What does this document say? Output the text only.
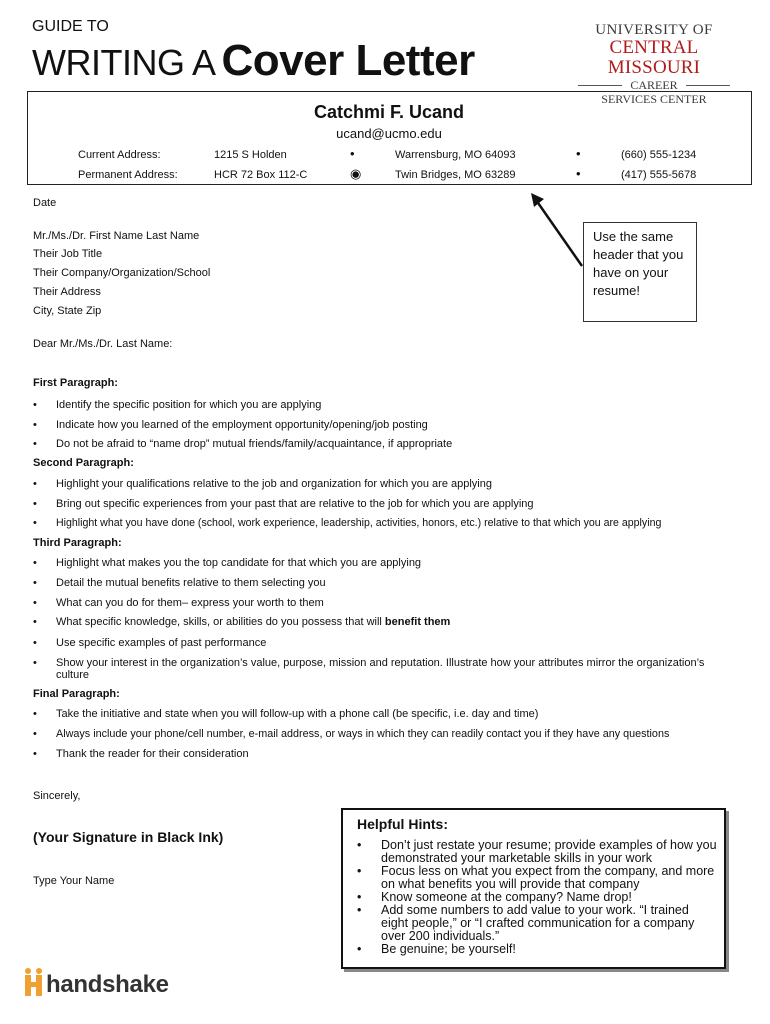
GUIDE TO
WRITING A Cover Letter
UNIVERSITY OF
CENTRAL MISSOURI
CAREER
SERVICES CENTER
Catchmi F. Ucand
ucand@ucmo.edu
Current Address:	1215 S Holden	•	Warrensburg, MO 64093	•	(660) 555-1234
Permanent Address:	HCR 72 Box 112-C	◉	Twin Bridges, MO 63289	•	(417) 555-5678
Date
Mr./Ms./Dr. First Name Last Name
Their Job Title
Their Company/Organization/School
Their Address
City, State Zip
Use the same header that you have on your resume!
Dear Mr./Ms./Dr. Last Name:
First Paragraph:
• Identify the specific position for which you are applying
• Indicate how you learned of the employment opportunity/opening/job posting
• Do not be afraid to “name drop” mutual friends/family/acquaintance, if appropriate
Second Paragraph:
• Highlight your qualifications relative to the job and organization for which you are applying
• Bring out specific experiences from your past that are relative to the job for which you are applying
• Highlight what you have done (school, work experience, leadership, activities, honors, etc.) relative to that which you are applying
Third Paragraph:
• Highlight what makes you the top candidate for that which you are applying
• Detail the mutual benefits relative to them selecting you
• What can you do for them– express your worth to them
• What specific knowledge, skills, or abilities do you possess that will benefit them
• Use specific examples of past performance
• Show your interest in the organization’s value, purpose, mission and reputation. Illustrate how your attributes mirror the organization’s culture
Final Paragraph:
• Take the initiative and state when you will follow-up with a phone call (be specific, i.e. day and time)
• Always include your phone/cell number, e-mail address, or ways in which they can readily contact you if they have any questions
• Thank the reader for their consideration
Sincerely,
(Your Signature in Black Ink)
Type Your Name
Helpful Hints:
• Don’t just restate your resume; provide examples of how you demonstrated your marketable skills in your work
• Focus less on what you expect from the company, and more on what benefits you will provide that company
• Know someone at the company? Name drop!
• Add some numbers to add value to your work. “I trained eight people,” or “I crafted communication for a company over 200 individuals.”
• Be genuine; be yourself!
handshake
